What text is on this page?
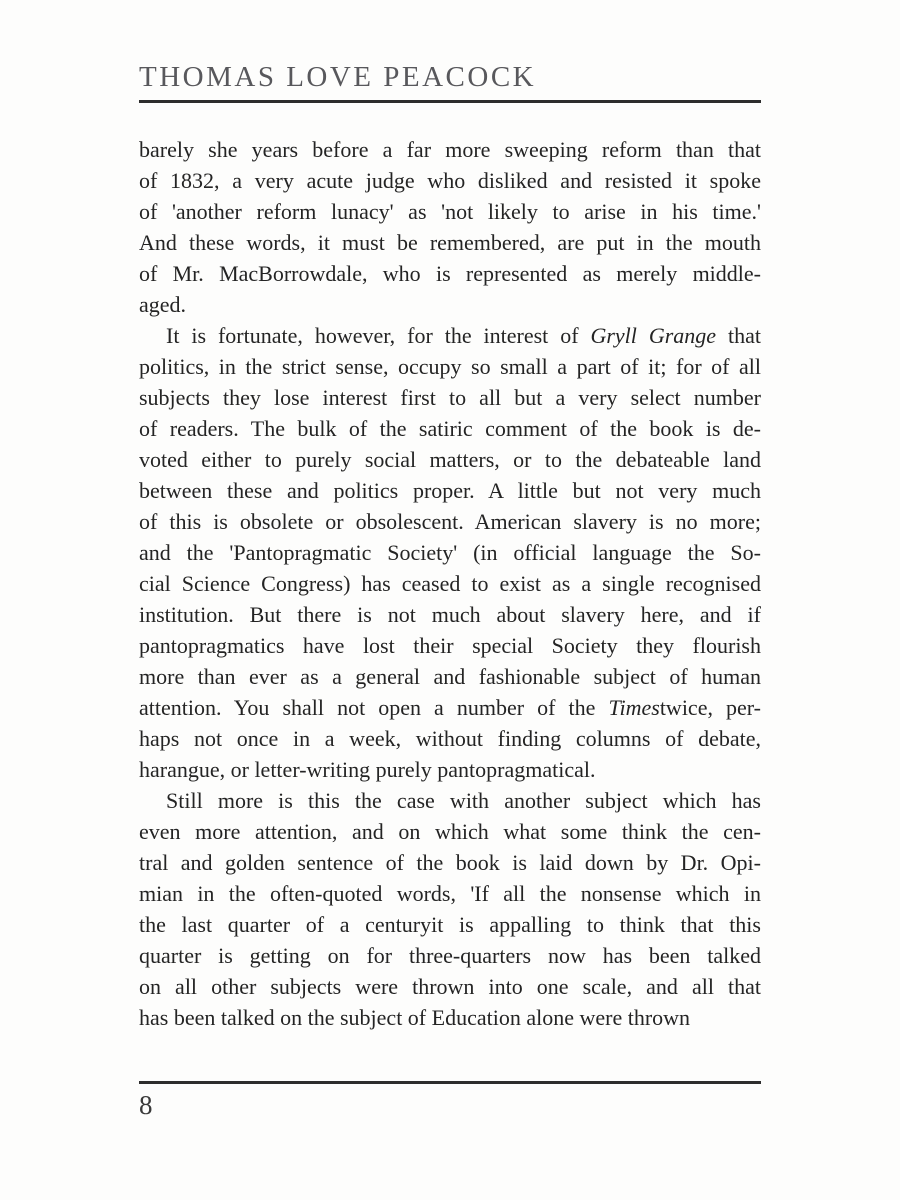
THOMAS LOVE PEACOCK
barely she years before a far more sweeping reform than that
of 1832, a very acute judge who disliked and resisted it spoke
of 'another reform lunacy' as 'not likely to arise in his time.'
And these words, it must be remembered, are put in the mouth
of Mr. MacBorrowdale, who is represented as merely middle-
aged.
It is fortunate, however, for the interest of Gryll Grange that
politics, in the strict sense, occupy so small a part of it; for of all
subjects they lose interest first to all but a very select number
of readers. The bulk of the satiric comment of the book is de-
voted either to purely social matters, or to the debateable land
between these and politics proper. A little but not very much
of this is obsolete or obsolescent. American slavery is no more;
and the 'Pantopragmatic Society' (in official language the So-
cial Science Congress) has ceased to exist as a single recognised
institution. But there is not much about slavery here, and if
pantopragmatics have lost their special Society they flourish
more than ever as a general and fashionable subject of human
attention. You shall not open a number of the Timestwice, per-
haps not once in a week, without finding columns of debate,
harangue, or letter-writing purely pantopragmatical.
Still more is this the case with another subject which has
even more attention, and on which what some think the cen-
tral and golden sentence of the book is laid down by Dr. Opi-
mian in the often-quoted words, 'If all the nonsense which in
the last quarter of a centuryit is appalling to think that this
quarter is getting on for three-quarters now has been talked
on all other subjects were thrown into one scale, and all that
has been talked on the subject of Education alone were thrown
8
